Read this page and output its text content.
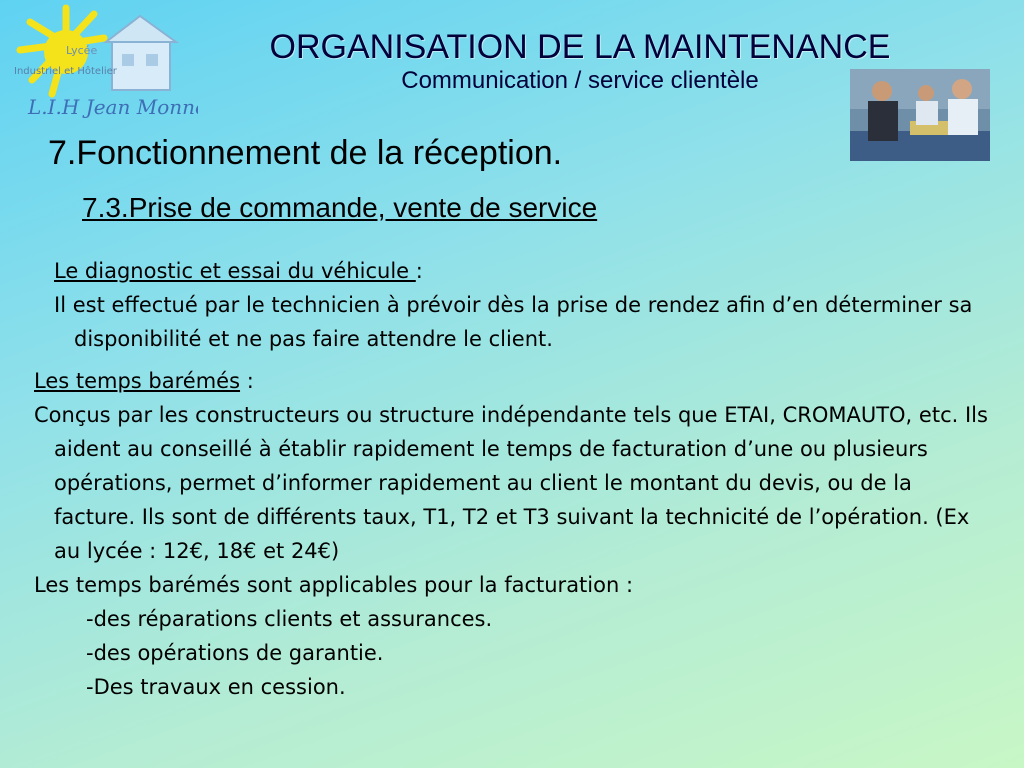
Lycée
Industriel et Hôtelier
L.I.H Jean Monnet
ORGANISATION DE LA MAINTENANCE
Communication / service clientèle
7.Fonctionnement de la réception.
7.3.Prise de commande, vente de service

Le diagnostic et essai du véhicule :

Il est effectué par le technicien à prévoir dès la prise de rendez afin d’en déterminer sa disponibilité et ne pas faire attendre le client.

Les temps barémés :

Conçus par les constructeurs ou structure indépendante tels que ETAI, CROMAUTO, etc. Ils aident au conseillé à établir rapidement le temps de facturation d’une ou plusieurs opérations, permet d’informer rapidement au client le montant du devis, ou de la facture. Ils sont de différents taux, T1, T2 et T3 suivant la technicité de l’opération. (Ex au lycée : 12€, 18€ et 24€)

Les temps barémés sont applicables pour la facturation :

-des réparations clients et assurances.

-des opérations de garantie.

-Des travaux en cession.
